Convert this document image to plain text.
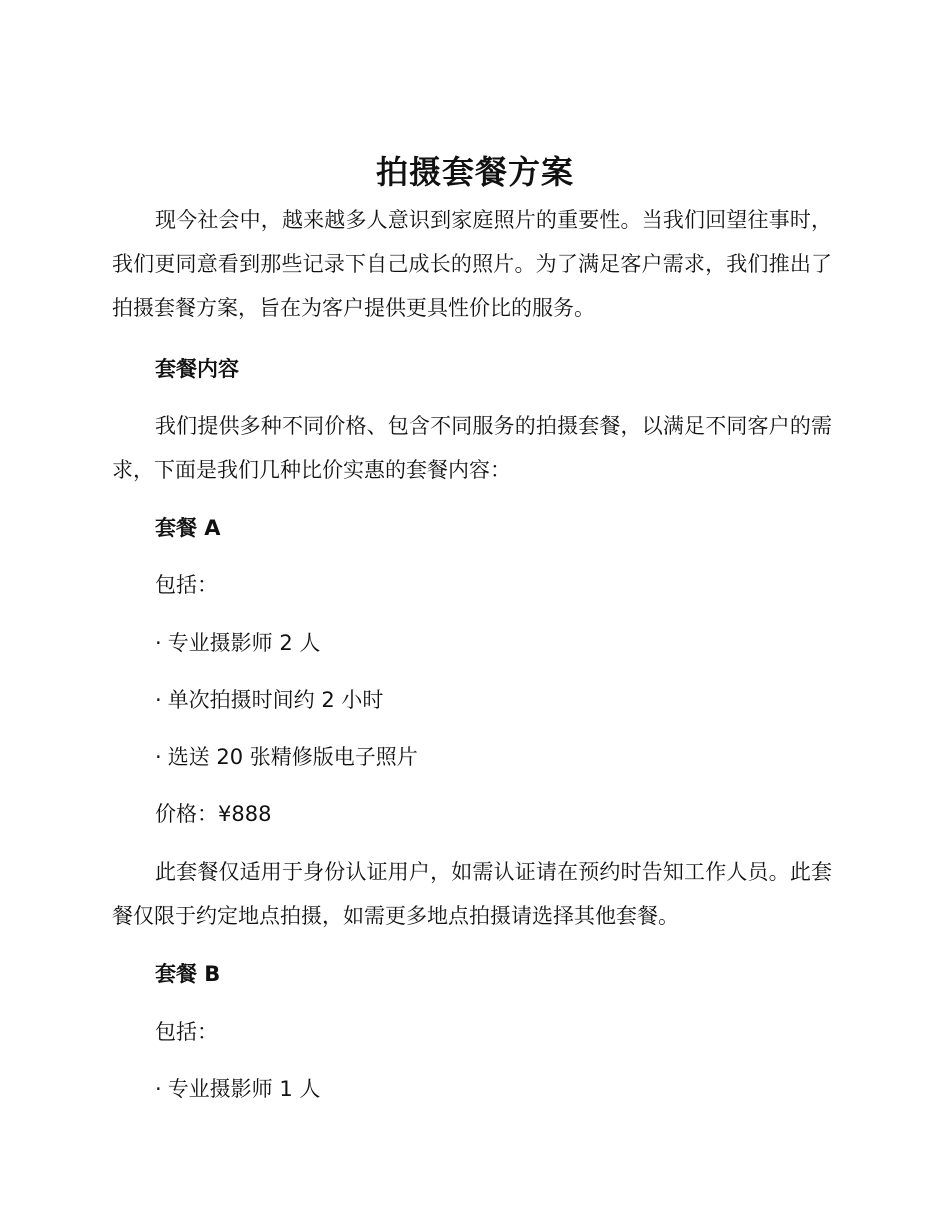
拍摄套餐方案
现今社会中，越来越多人意识到家庭照片的重要性。当我们回望往事时，我们更同意看到那些记录下自己成长的照片。为了满足客户需求，我们推出了拍摄套餐方案，旨在为客户提供更具性价比的服务。
套餐内容
我们提供多种不同价格、包含不同服务的拍摄套餐，以满足不同客户的需求，下面是我们几种比价实惠的套餐内容：
套餐 A
包括：
· 专业摄影师 2 人
· 单次拍摄时间约 2 小时
· 选送 20 张精修版电子照片
价格：¥888
此套餐仅适用于身份认证用户，如需认证请在预约时告知工作人员。此套餐仅限于约定地点拍摄，如需更多地点拍摄请选择其他套餐。
套餐 B
包括：
· 专业摄影师 1 人
